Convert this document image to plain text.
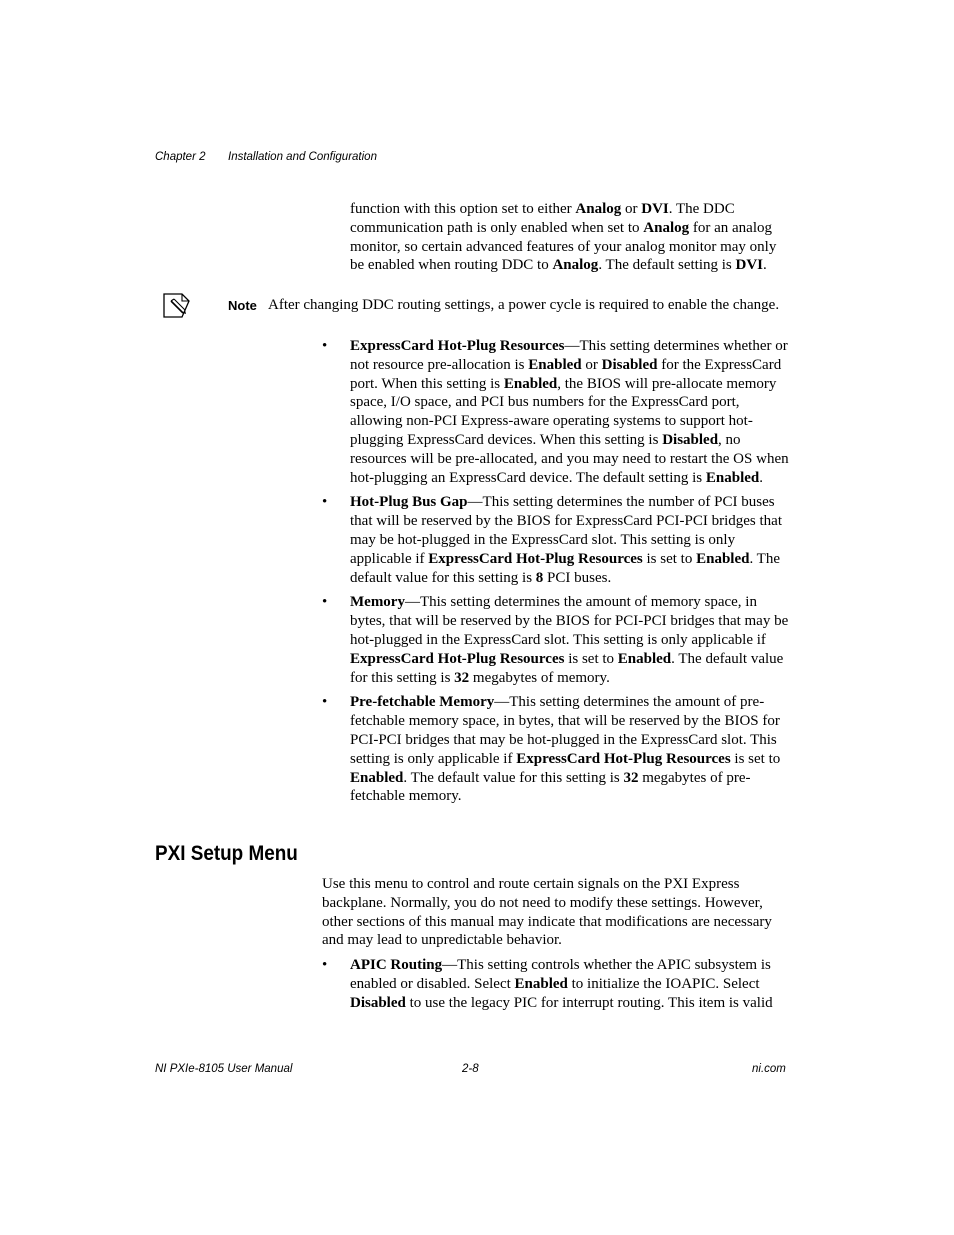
Chapter 2 Installation and Configuration

function with this option set to either Analog or DVI. The DDC communication path is only enabled when set to Analog for an analog monitor, so certain advanced features of your analog monitor may only be enabled when routing DDC to Analog. The default setting is DVI.

Note After changing DDC routing settings, a power cycle is required to enable the change.
• ExpressCard Hot-Plug Resources—This setting determines whether or not resource pre-allocation is Enabled or Disabled for the ExpressCard port. When this setting is Enabled, the BIOS will pre-allocate memory space, I/O space, and PCI bus numbers for the ExpressCard port, allowing non-PCI Express-aware operating systems to support hot-plugging ExpressCard devices. When this setting is Disabled, no resources will be pre-allocated, and you may need to restart the OS when hot-plugging an ExpressCard device. The default setting is Enabled.
• Hot-Plug Bus Gap—This setting determines the number of PCI buses that will be reserved by the BIOS for ExpressCard PCI-PCI bridges that may be hot-plugged in the ExpressCard slot. This setting is only applicable if ExpressCard Hot-Plug Resources is set to Enabled. The default value for this setting is 8 PCI buses.
• Memory—This setting determines the amount of memory space, in bytes, that will be reserved by the BIOS for PCI-PCI bridges that may be hot-plugged in the ExpressCard slot. This setting is only applicable if ExpressCard Hot-Plug Resources is set to Enabled. The default value for this setting is 32 megabytes of memory.
• Pre-fetchable Memory—This setting determines the amount of pre-fetchable memory space, in bytes, that will be reserved by the BIOS for PCI-PCI bridges that may be hot-plugged in the ExpressCard slot. This setting is only applicable if ExpressCard Hot-Plug Resources is set to Enabled. The default value for this setting is 32 megabytes of pre-fetchable memory.
PXI Setup Menu

Use this menu to control and route certain signals on the PXI Express backplane. Normally, you do not need to modify these settings. However, other sections of this manual may indicate that modifications are necessary and may lead to unpredictable behavior.

• APIC Routing—This setting controls whether the APIC subsystem is enabled or disabled. Select Enabled to initialize the IOAPIC. Select Disabled to use the legacy PIC for interrupt routing. This item is valid
NI PXIe-8105 User Manual	2-8	ni.com
